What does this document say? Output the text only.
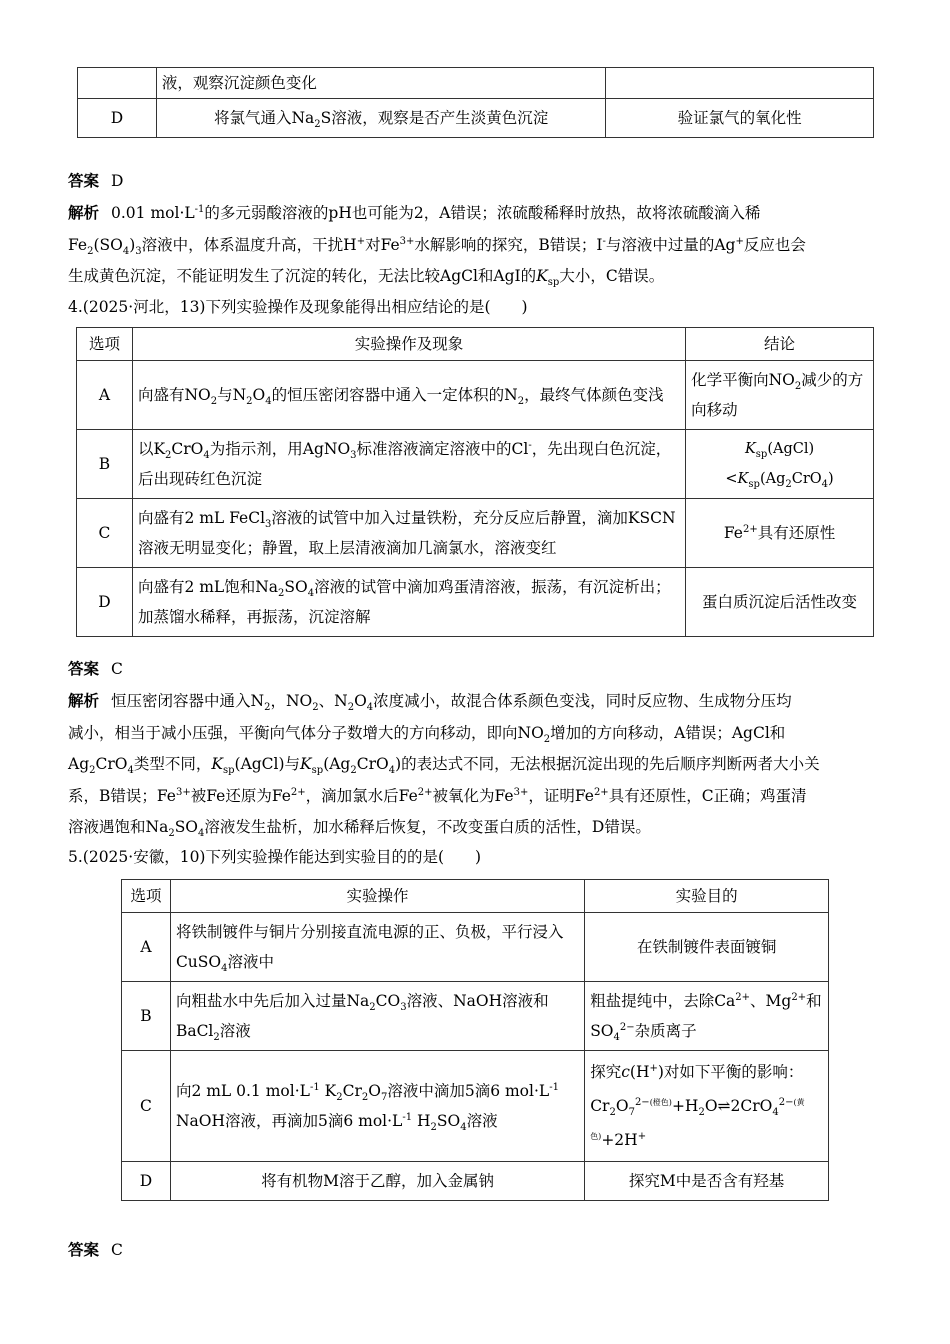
	液，观察沉淀颜色变化	
D	将氯气通入$Na_2S$溶液，观察是否产生淡黄色沉淀	验证氯气的氧化性
答案 D
解析 0.01 $mol\cdot L^{-1}$的多元弱酸溶液的pH也可能为2，A错误；浓硫酸稀释时放热，故将浓硫酸滴入稀
$Fe_2(SO_4)_3$溶液中，体系温度升高，干扰H+对$Fe^{3+}$水解影响的探究，B错误；I-与溶液中过量的Ag+反应也会
生成黄色沉淀，不能证明发生了沉淀的转化，无法比较AgCl和AgI的$K_{sp}$大小，C错误。
4.(2025·河北，13)下列实验操作及现象能得出相应结论的是(　　)
选项	实验操作及现象	结论
A	向盛有$NO_2$与$N_2O_4$的恒压密闭容器中通入一定体积的$N_2$，最终气体颜色变浅	化学平衡向$NO_2$减少的方向移动
B	以$K_2CrO_4$为指示剂，用AgNO$_3$标准溶液滴定溶液中的Cl-，先出现白色沉淀，后出现砖红色沉淀	$K_{sp}(AgCl)<K_{sp}(Ag_2CrO_4)$
C	向盛有2 mL FeCl$_3$溶液的试管中加入过量铁粉，充分反应后静置，滴加KSCN溶液无明显变化；静置，取上层清液滴加几滴氯水，溶液变红	$Fe^{2+}$具有还原性
D	向盛有2 mL饱和$Na_2SO_4$溶液的试管中滴加鸡蛋清溶液，振荡，有沉淀析出；加蒸馏水稀释，再振荡，沉淀溶解	蛋白质沉淀后活性改变
答案 C
解析 恒压密闭容器中通入$N_2$，$NO_2$、$N_2O_4$浓度减小，故混合体系颜色变浅，同时反应物、生成物分压均
减小，相当于减小压强，平衡向气体分子数增大的方向移动，即向$NO_2$增加的方向移动，A错误；AgCl和
$Ag_2CrO_4$类型不同，$K_{sp}(AgCl)$与$K_{sp}(Ag_2CrO_4)$的表达式不同，无法根据沉淀出现的先后顺序判断两者大小关
系，B错误；$Fe^{3+}$被Fe还原为$Fe^{2+}$，滴加氯水后$Fe^{2+}$被氧化为$Fe^{3+}$，证明$Fe^{2+}$具有还原性，C正确；鸡蛋清
溶液遇饱和$Na_2SO_4$溶液发生盐析，加水稀释后恢复，不改变蛋白质的活性，D错误。
5.(2025·安徽，10)下列实验操作能达到实验目的的是(　　)
选项	实验操作	实验目的
A	将铁制镀件与铜片分别接直流电源的正、负极，平行浸入CuSO$_4$溶液中	在铁制镀件表面镀铜
B	向粗盐水中先后加入过量$Na_2CO_3$溶液、NaOH溶液和BaCl$_2$溶液	粗盐提纯中，去除$Ca^{2+}$、$Mg^{2+}$和$SO_4^{2-}$杂质离子
C	向2 mL 0.1 $mol\cdot L^{-1}$ $K_2Cr_2O_7$溶液中滴加5滴6 $mol\cdot L^{-1}$ NaOH溶液，再滴加5滴6 $mol\cdot L^{-1}$ $H_2SO_4$溶液	探究c(H+)对如下平衡的影响：$Cr_2O_7^{2-(橙色)}+H_2O\rightleftharpoons 2CrO_4^{2-(黄色)}+2H^+$
D	将有机物M溶于乙醇，加入金属钠	探究M中是否含有羟基
答案 C
